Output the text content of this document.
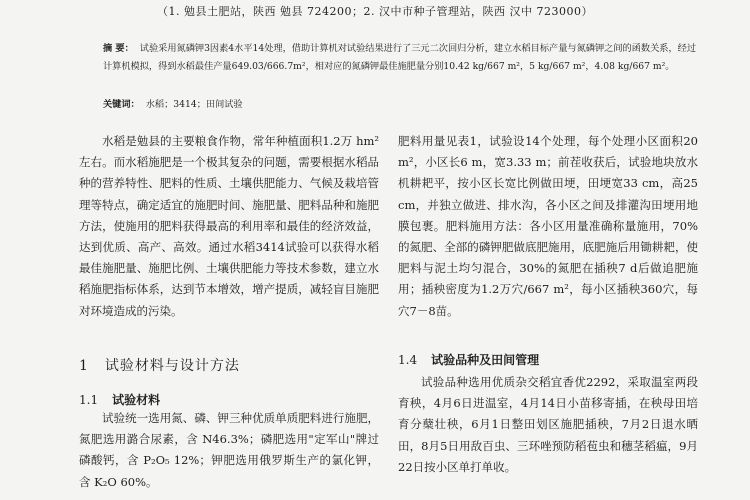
（1. 勉县土肥站，陕西 勉县 724200；2. 汉中市种子管理站，陕西 汉中 723000）
摘 要： 试验采用氮磷钾3因素4水平14处理，借助计算机对试验结果进行了三元二次回归分析，建立水稻目标产量与氮磷钾之间的函数关系，经过计算机模拟，得到水稻最佳产量649.03/666.7m²，相对应的氮磷钾最佳施肥量分别10.42 kg/667 m²，5 kg/667 m²，4.08 kg/667 m²。
关键词： 水稻；3414；田间试验

水稻是勉县的主要粮食作物，常年种植面积1.2万 hm² 左右。而水稻施肥是一个极其复杂的问题，需要根据水稻品种的营养特性、肥料的性质、土壤供肥能力、气候及栽培管理等特点，确定适宜的施肥时间、施肥量、肥料品种和施肥方法，使施用的肥料获得最高的利用率和最佳的经济效益，达到优质、高产、高效。通过水稻3414试验可以获得水稻最佳施肥量、施肥比例、土壤供肥能力等技术参数，建立水稻施肥指标体系，达到节本增效，增产提质，减轻盲目施肥对环境造成的污染。

1 试验材料与设计方法
1.1 试验材料

试验统一选用氮、磷、钾三种优质单质肥料进行施肥，氮肥选用潞合尿素，含 N46.3%；磷肥选用"定军山"牌过磷酸钙，含 P₂O₅ 12%；钾肥选用俄罗斯生产的氯化钾，含 K₂O 60%。

肥料用量见表1，试验设14个处理，每个处理小区面积20 m²，小区长6 m，宽3.33 m；前茬收获后，试验地块放水机耕耙平，按小区长宽比例做田埂，田埂宽33 cm，高25 cm，并独立做进、排水沟，各小区之间及排灌沟田埂用地膜包裹。肥料施用方法：各小区用量准确称量施用，70%的氮肥、全部的磷钾肥做底肥施用，底肥施后用锄耕耙，使肥料与泥土均匀混合，30%的氮肥在插秧7 d后做追肥施用；插秧密度为1.2万穴/667 m²，每小区插秧360穴，每穴7－8苗。

1.4 试验品种及田间管理

试验品种选用优质杂交稻宜香优2292，采取温室两段育秧，4月6日进温室，4月14日小苗移寄插，在秧母田培育分蘖壮秧，6月1日整田划区施肥插秧，7月2日退水晒田，8月5日用敌百虫、三环唑预防稻苞虫和穗茎稻瘟，9月22日按小区单打单收。
